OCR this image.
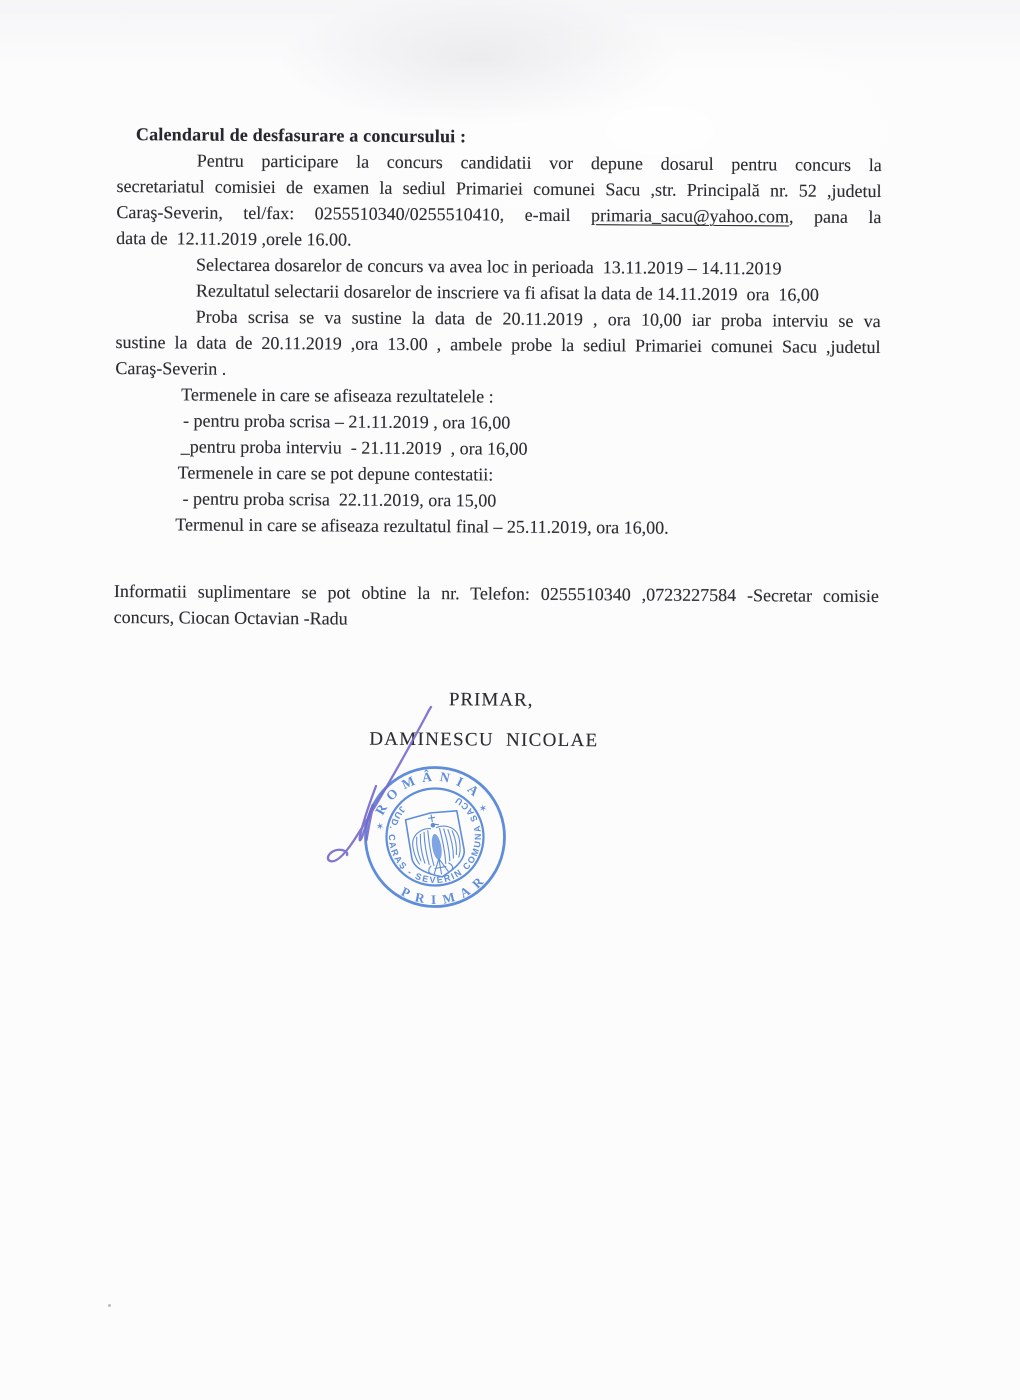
Calendarul de desfasurare a concursului :
Pentru participare la concurs candidatii vor depune dosarul pentru concurs la
secretariatul comisiei de examen la sediul Primariei comunei Sacu ,str. Principală nr. 52 ,judetul
Caraş-Severin, tel/fax: 0255510340/0255510410, e-mail primaria_sacu@yahoo.com, pana la
data de  12.11.2019 ,orele 16.00.
Selectarea dosarelor de concurs va avea loc in perioada  13.11.2019 – 14.11.2019
Rezultatul selectarii dosarelor de inscriere va fi afisat la data de 14.11.2019  ora  16,00
Proba scrisa se va sustine la data de 20.11.2019 , ora 10,00 iar proba interviu se va
sustine la data de 20.11.2019 ,ora 13.00 , ambele probe la sediul Primariei comunei Sacu ,judetul
Caraş-Severin .
Termenele in care se afiseaza rezultatelele :
- pentru proba scrisa – 21.11.2019 , ora 16,00
_pentru proba interviu  - 21.11.2019  , ora 16,00
Termenele in care se pot depune contestatii:
- pentru proba scrisa  22.11.2019, ora 15,00
Termenul in care se afiseaza rezultatul final – 25.11.2019, ora 16,00.
Informatii suplimentare se pot obtine la nr. Telefon: 0255510340 ,0723227584 -Secretar comisie
concurs, Ciocan Octavian -Radu
PRIMAR,
DAMINESCU  NICOLAE
ROMÂNIA
PRIMAR
JUD. CARAŞ - SEVERIN COMUNA SACU
✶
✶
